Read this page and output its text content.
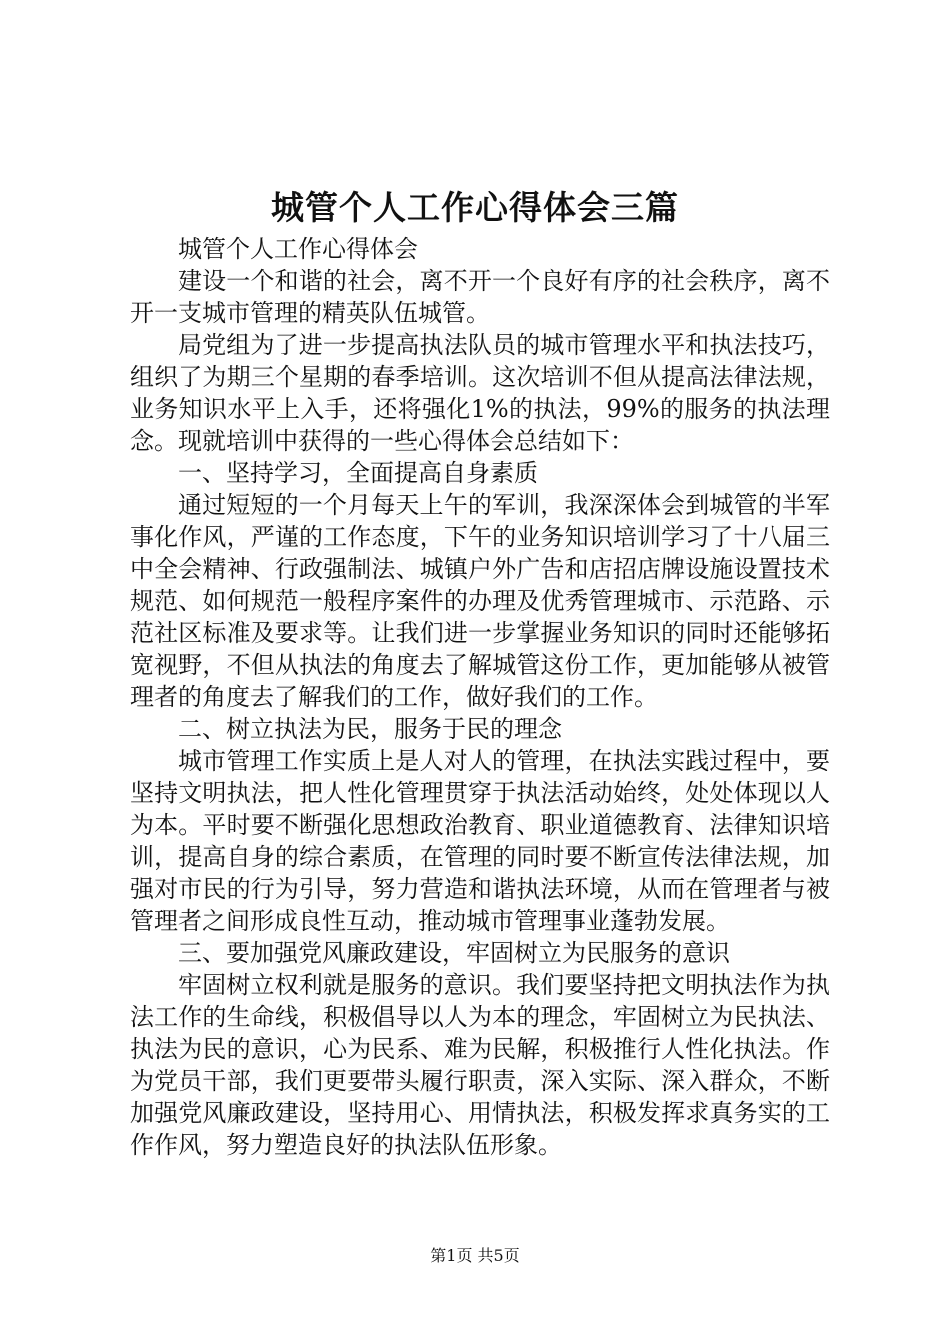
城管个人工作心得体会三篇

城管个人工作心得体会

建设一个和谐的社会，离不开一个良好有序的社会秩序，离不开一支城市管理的精英队伍城管。

局党组为了进一步提高执法队员的城市管理水平和执法技巧，组织了为期三个星期的春季培训。这次培训不但从提高法律法规，业务知识水平上入手，还将强化1%的执法，99%的服务的执法理念。现就培训中获得的一些心得体会总结如下：

一、坚持学习，全面提高自身素质

通过短短的一个月每天上午的军训，我深深体会到城管的半军事化作风，严谨的工作态度，下午的业务知识培训学习了十八届三中全会精神、行政强制法、城镇户外广告和店招店牌设施设置技术规范、如何规范一般程序案件的办理及优秀管理城市、示范路、示范社区标准及要求等。让我们进一步掌握业务知识的同时还能够拓宽视野，不但从执法的角度去了解城管这份工作，更加能够从被管理者的角度去了解我们的工作，做好我们的工作。

二、树立执法为民，服务于民的理念

城市管理工作实质上是人对人的管理，在执法实践过程中，要坚持文明执法，把人性化管理贯穿于执法活动始终，处处体现以人为本。平时要不断强化思想政治教育、职业道德教育、法律知识培训，提高自身的综合素质，在管理的同时要不断宣传法律法规，加强对市民的行为引导，努力营造和谐执法环境，从而在管理者与被管理者之间形成良性互动，推动城市管理事业蓬勃发展。

三、要加强党风廉政建设，牢固树立为民服务的意识

牢固树立权利就是服务的意识。我们要坚持把文明执法作为执法工作的生命线，积极倡导以人为本的理念，牢固树立为民执法、执法为民的意识，心为民系、难为民解，积极推行人性化执法。作为党员干部，我们更要带头履行职责，深入实际、深入群众，不断加强党风廉政建设，坚持用心、用情执法，积极发挥求真务实的工作作风，努力塑造良好的执法队伍形象。

第1页 共5页
